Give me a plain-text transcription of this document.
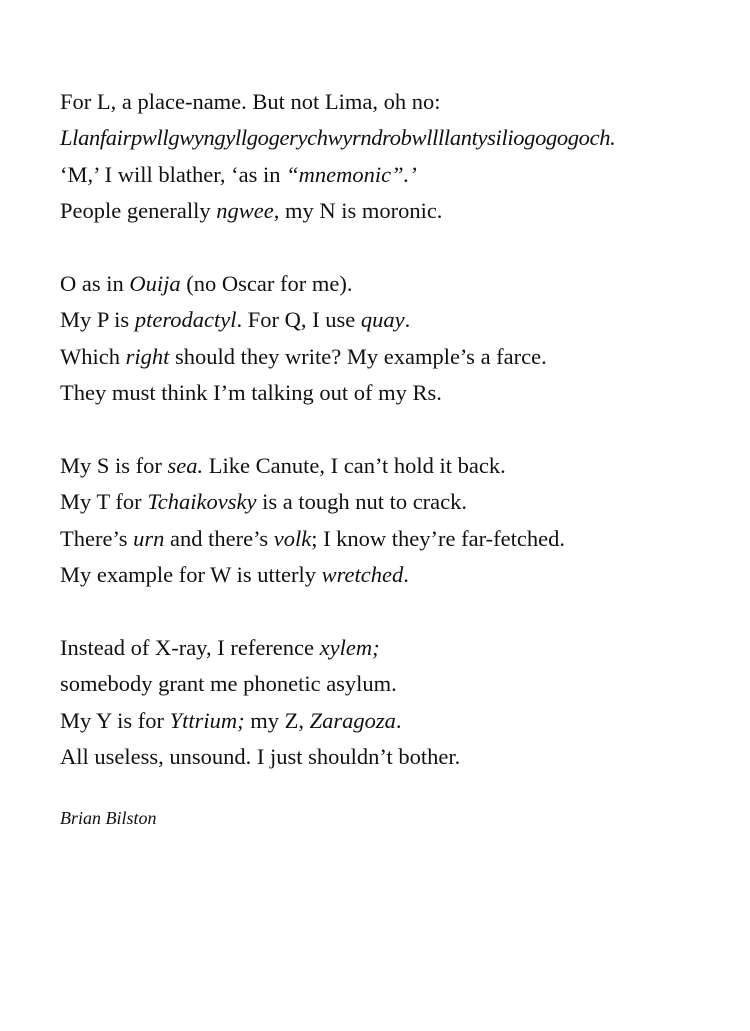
For L, a place-name. But not Lima, oh no:
Llanfairpwllgwyngyllgogerychwyrndrobwllllantysiliogogogoch.
‘M,’ I will blather, ‘as in “mnemonic”.’
People generally ngwee, my N is moronic.
O as in Ouija (no Oscar for me).
My P is pterodactyl. For Q, I use quay.
Which right should they write? My example’s a farce.
They must think I’m talking out of my Rs.
My S is for sea. Like Canute, I can’t hold it back.
My T for Tchaikovsky is a tough nut to crack.
There’s urn and there’s volk; I know they’re far-fetched.
My example for W is utterly wretched.
Instead of X-ray, I reference xylem;
somebody grant me phonetic asylum.
My Y is for Yttrium; my Z, Zaragoza.
All useless, unsound. I just shouldn’t bother.
Brian Bilston
